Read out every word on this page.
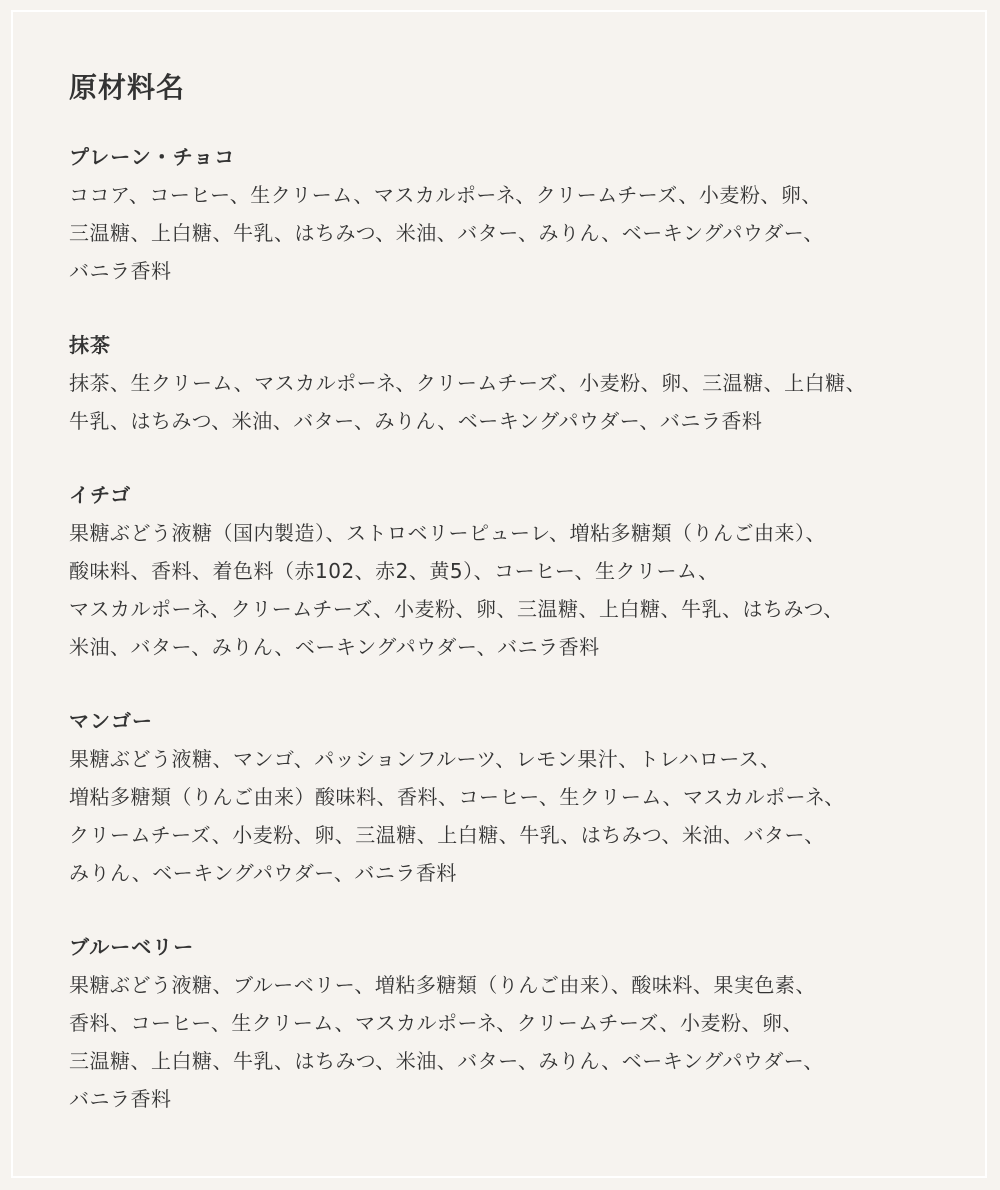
原材料名
プレーン・チョコ
ココア、コーヒー、生クリーム、マスカルポーネ、クリームチーズ、小麦粉、卵、
三温糖、上白糖、牛乳、はちみつ、米油、バター、みりん、ベーキングパウダー、
バニラ香料
抹茶
抹茶、生クリーム、マスカルポーネ、クリームチーズ、小麦粉、卵、三温糖、上白糖、
牛乳、はちみつ、米油、バター、みりん、ベーキングパウダー、バニラ香料
イチゴ
果糖ぶどう液糖（国内製造）、ストロベリーピューレ、増粘多糖類（りんご由来）、
酸味料、香料、着色料（赤102、赤2、黄5）、コーヒー、生クリーム、
マスカルポーネ、クリームチーズ、小麦粉、卵、三温糖、上白糖、牛乳、はちみつ、
米油、バター、みりん、ベーキングパウダー、バニラ香料
マンゴー
果糖ぶどう液糖、マンゴ、パッションフルーツ、レモン果汁、トレハロース、
増粘多糖類（りんご由来）酸味料、香料、コーヒー、生クリーム、マスカルポーネ、
クリームチーズ、小麦粉、卵、三温糖、上白糖、牛乳、はちみつ、米油、バター、
みりん、ベーキングパウダー、バニラ香料
ブルーベリー
果糖ぶどう液糖、ブルーベリー、増粘多糖類（りんご由来）、酸味料、果実色素、
香料、コーヒー、生クリーム、マスカルポーネ、クリームチーズ、小麦粉、卵、
三温糖、上白糖、牛乳、はちみつ、米油、バター、みりん、ベーキングパウダー、
バニラ香料
